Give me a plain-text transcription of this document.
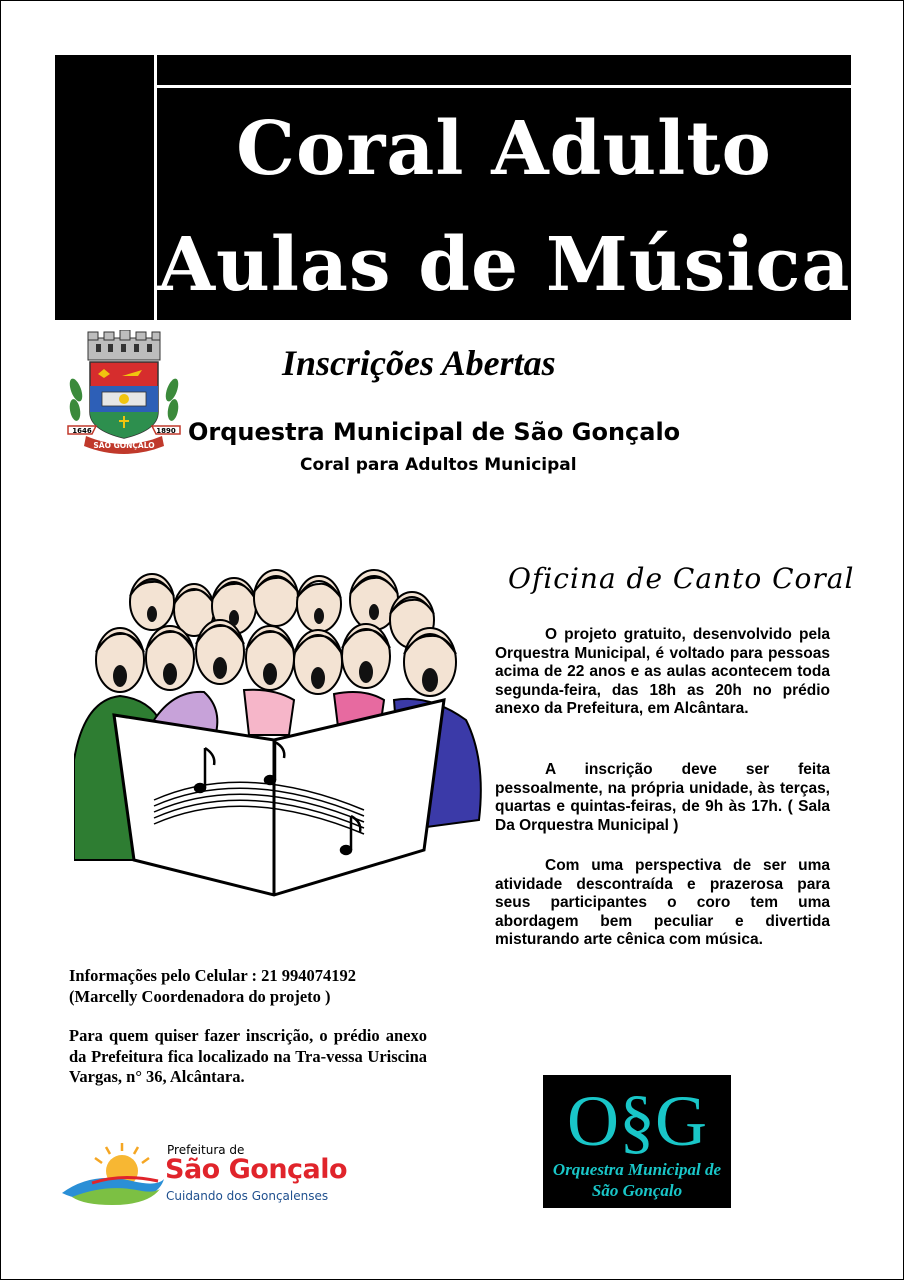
Coral Adulto
Aulas de Música
1646	1890
SÃO GONÇALO
Inscrições Abertas
Orquestra Municipal de São Gonçalo
Coral para Adultos Municipal
Oficina de Canto Coral

O projeto gratuito, desenvolvido pela Orquestra Municipal, é voltado para pessoas acima de 22 anos e as aulas acontecem toda segunda-feira, das 18h as 20h no prédio anexo da Prefeitura, em Alcântara.

A inscrição deve ser feita pessoalmente, na própria unidade, às terças, quartas e quintas-feiras, de 9h às 17h. ( Sala Da Orquestra Municipal )

Com uma perspectiva de ser uma atividade descontraída e prazerosa para seus participantes o coro tem uma abordagem bem peculiar e divertida misturando arte cênica com música.

Informações pelo Celular : 21 994074192

(Marcelly Coordenadora do projeto )

Para quem quiser fazer inscrição, o prédio anexo da Prefeitura fica localizado na Tra-vessa Uriscina Vargas, n° 36, Alcântara.

Prefeitura de
São Gonçalo
Cuidando dos Gonçalenses
O§G
Orquestra Municipal de
São Gonçalo
